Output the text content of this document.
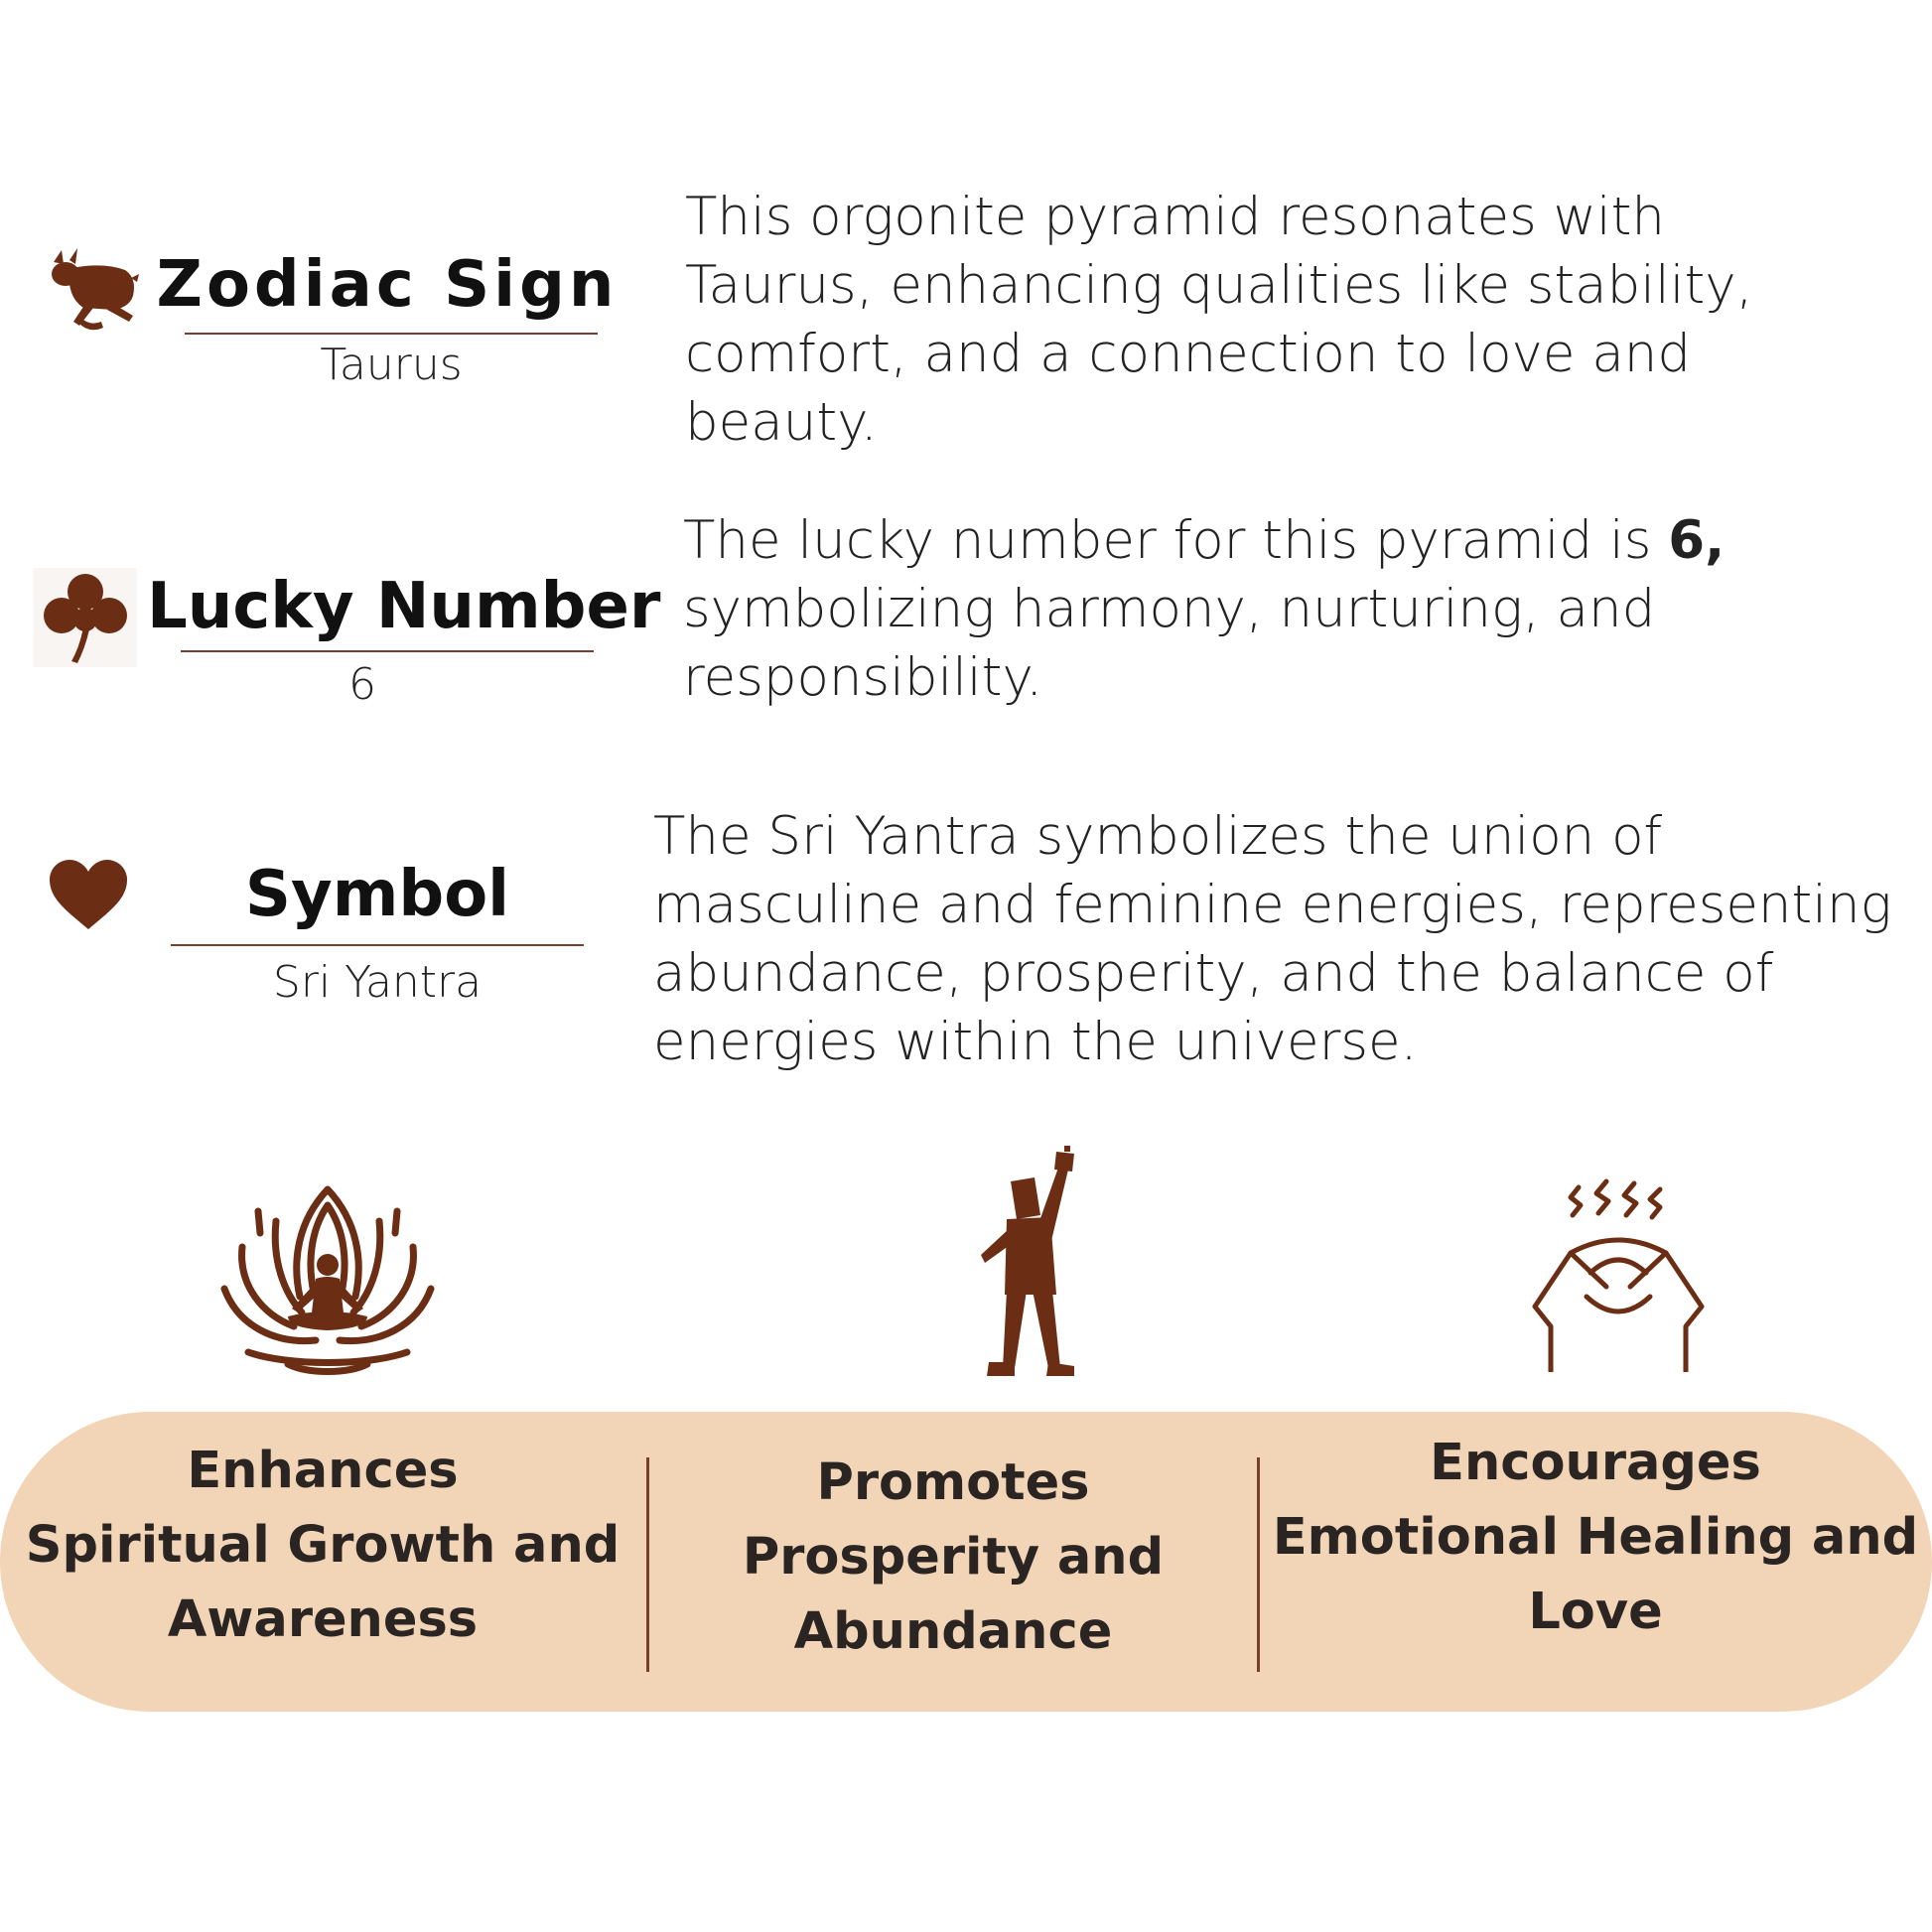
Zodiac Sign
Taurus

This orgonite pyramid resonates with Taurus, enhancing qualities like stability, comfort, and a connection to love and beauty.

Lucky Number
6

The lucky number for this pyramid is 6, symbolizing harmony, nurturing, and responsibility.

Symbol
Sri Yantra

The Sri Yantra symbolizes the union of masculine and feminine energies, representing abundance, prosperity, and the balance of energies within the universe.

Enhances
Spiritual Growth and
Awareness

Promotes
Prosperity and
Abundance

Encourages
Emotional Healing and
Love
